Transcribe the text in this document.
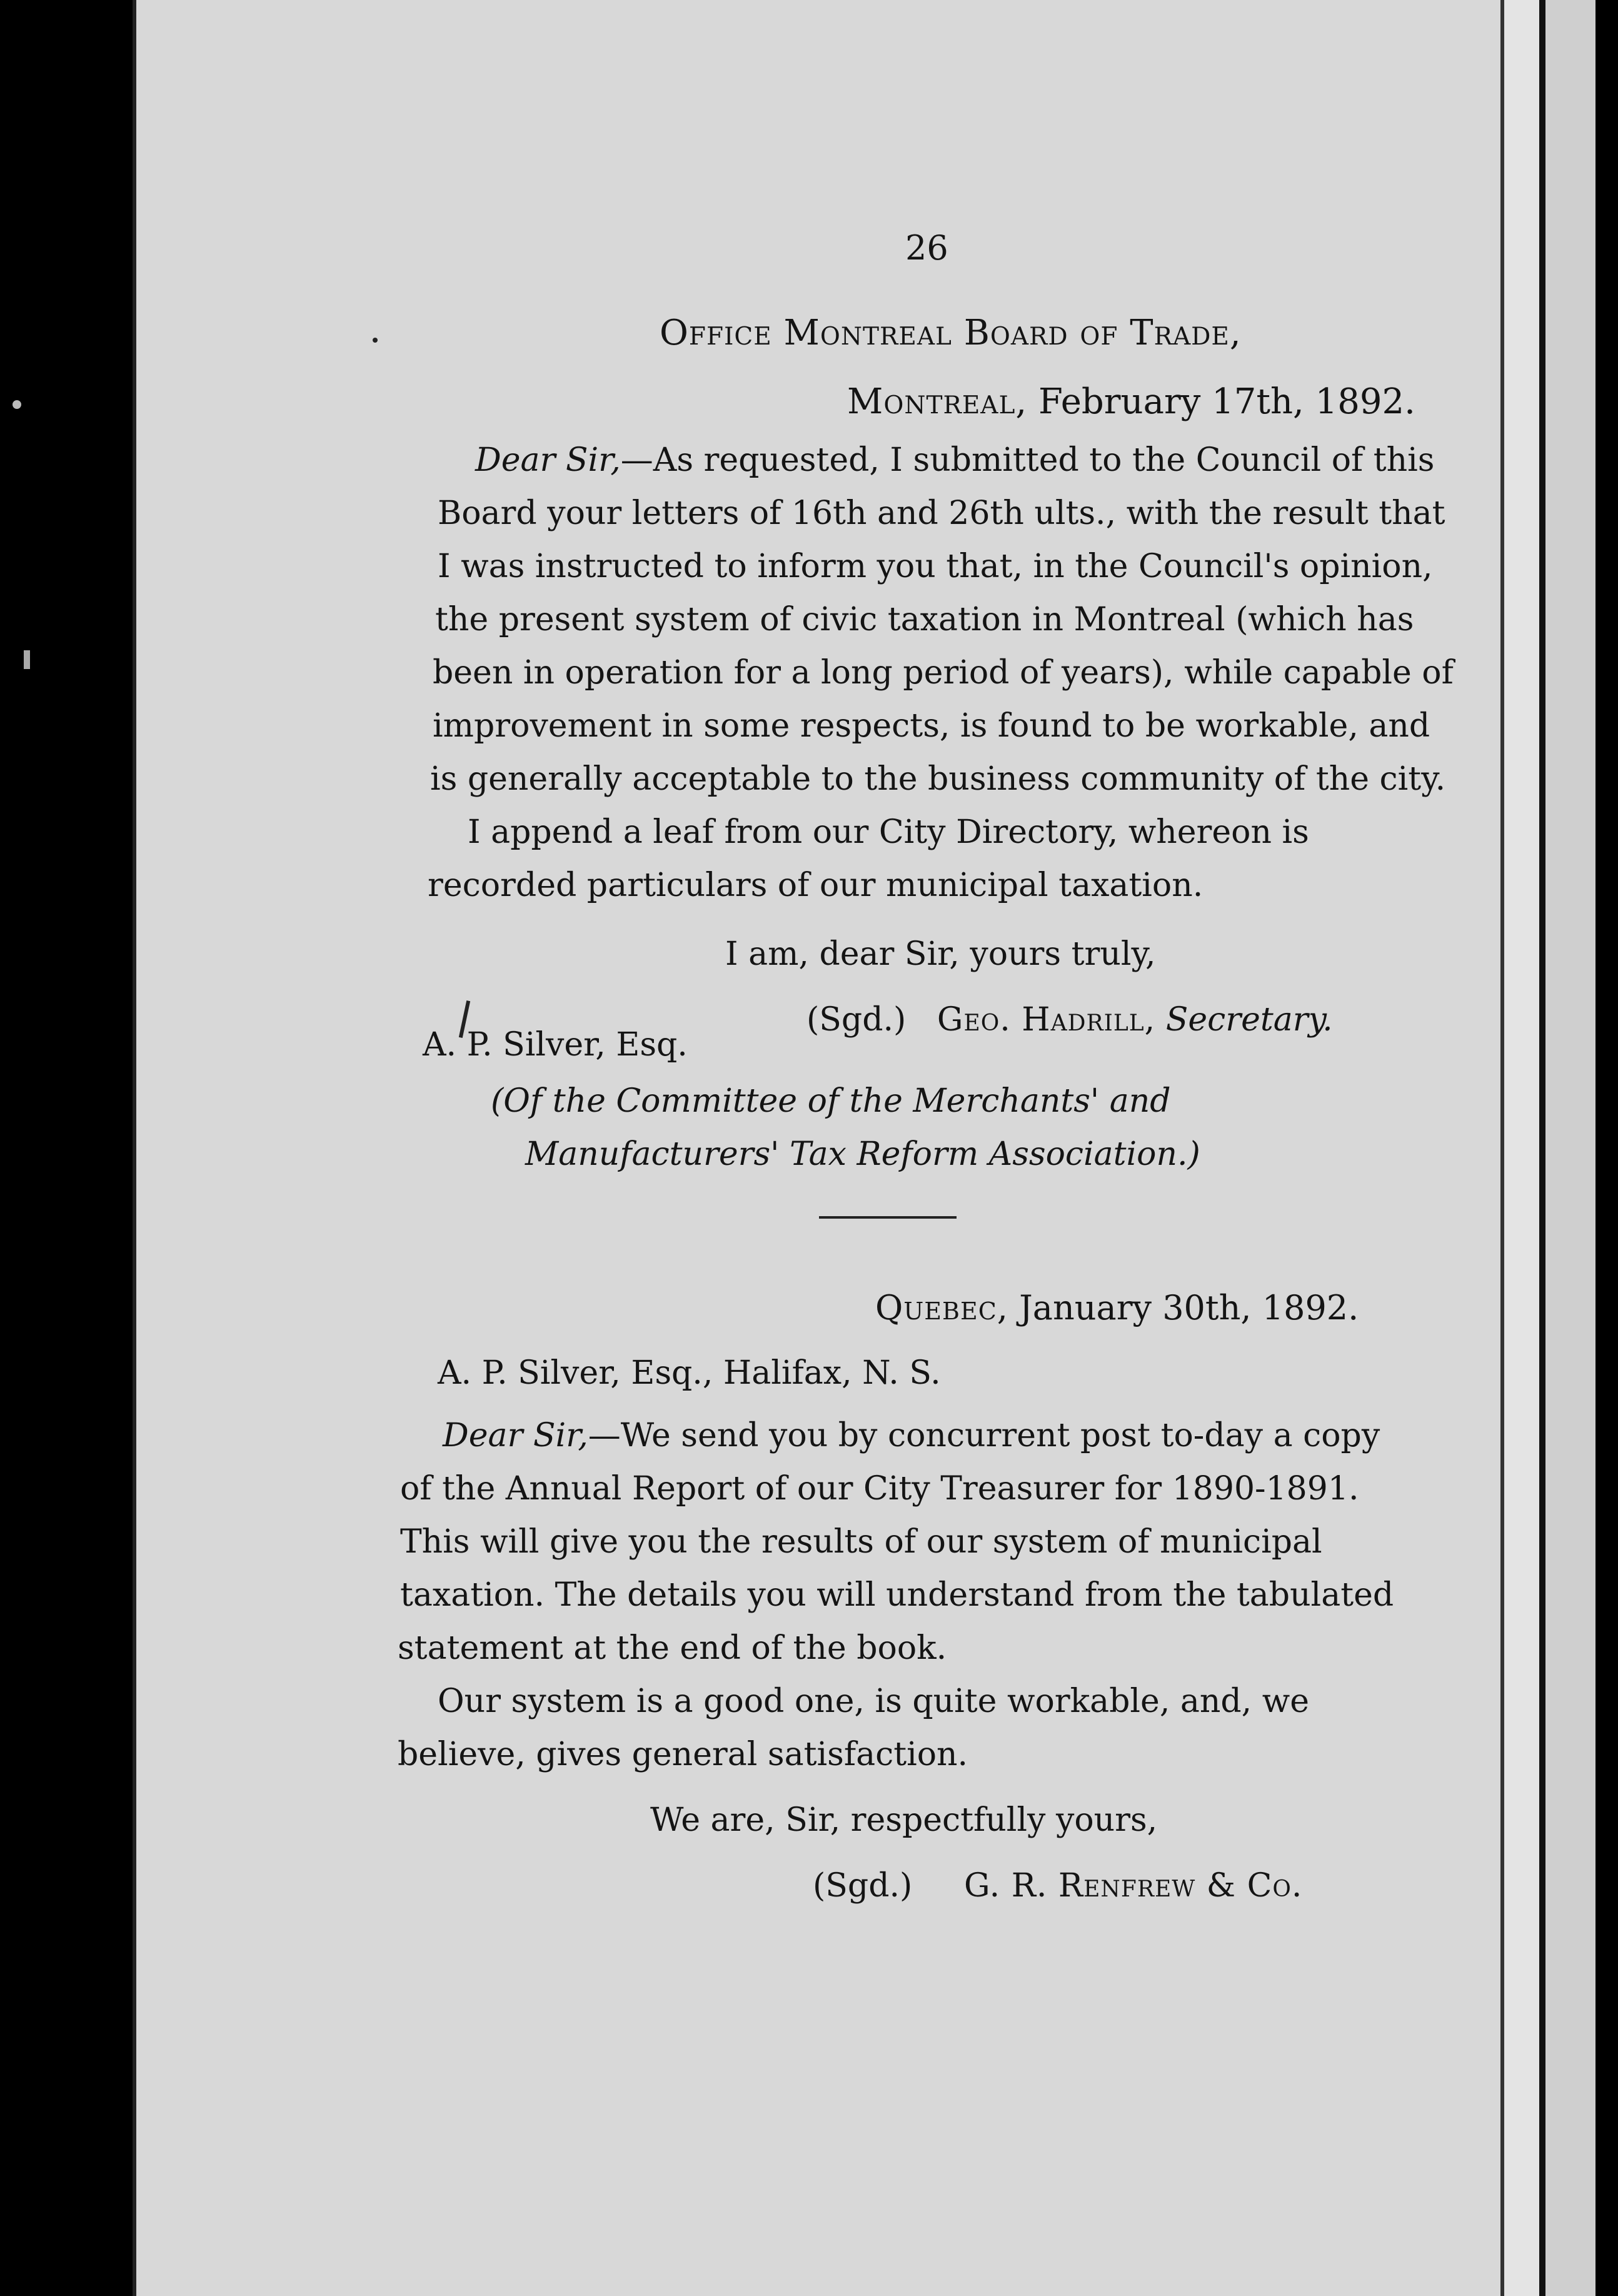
26
Office Montreal Board of Trade,
Montreal, February 17th, 1892.
Dear Sir,—As requested, I submitted to the Council of this
Board your letters of 16th and 26th ults., with the result that
I was instructed to inform you that, in the Council's opinion,
the present system of civic taxation in Montreal (which has
been in operation for a long period of years), while capable of
improvement in some respects, is found to be workable, and
is generally acceptable to the business community of the city.
I append a leaf from our City Directory, whereon is
recorded particulars of our municipal taxation.
I am, dear Sir, yours truly,
(Sgd.) Geo. Hadrill, Secretary.
A. P. Silver, Esq.
(Of the Committee of the Merchants' and
Manufacturers' Tax Reform Association.)
Quebec, January 30th, 1892.
A. P. Silver, Esq., Halifax, N. S.
Dear Sir,—We send you by concurrent post to-day a copy
of the Annual Report of our City Treasurer for 1890-1891.
This will give you the results of our system of municipal
taxation. The details you will understand from the tabulated
statement at the end of the book.
Our system is a good one, is quite workable, and, we
believe, gives general satisfaction.
We are, Sir, respectfully yours,
(Sgd.) G. R. Renfrew & Co.
